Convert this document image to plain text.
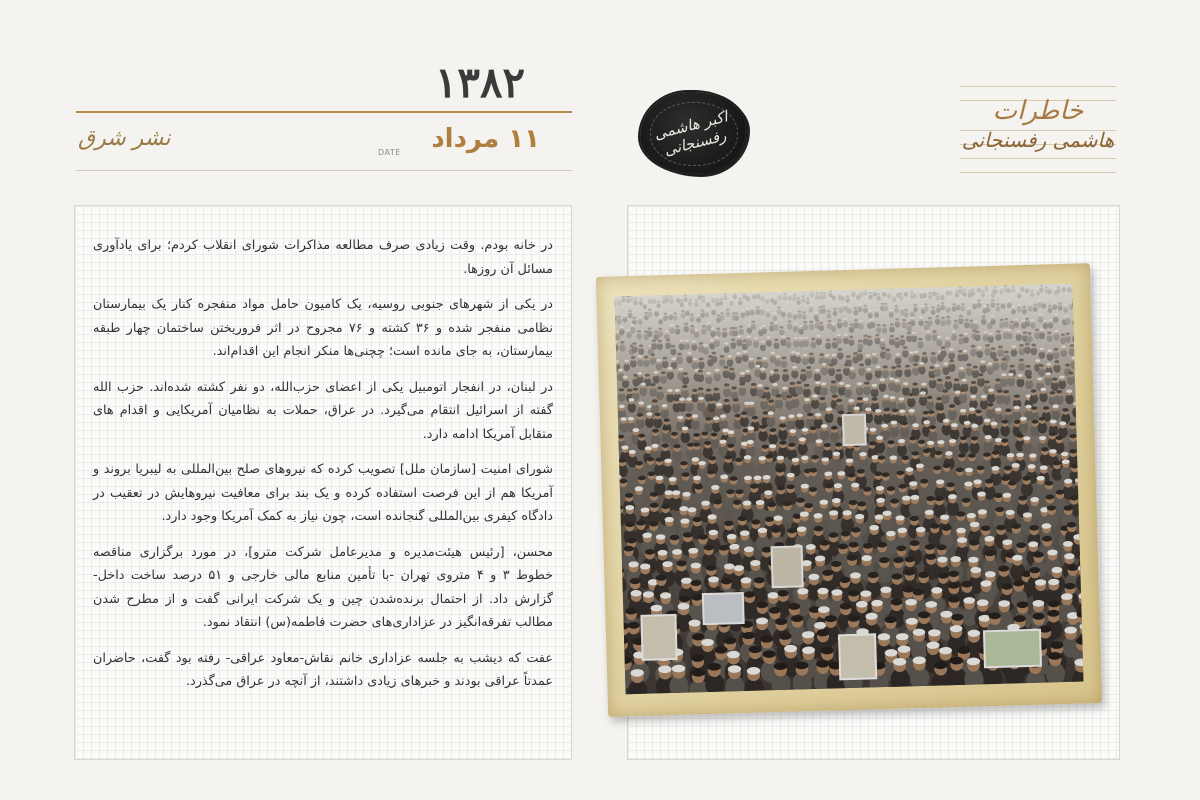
۱۳۸۲
۱۱ مرداد
DATE
نشر شرق	اکبر هاشمی رفسنجانی
خاطرات
هاشمی رفسنجانی

در خانه بودم. وقت زیادی صرف مطالعه مذاکرات شورای انقلاب کردم؛ برای یادآوری مسائل آن روزها.

در یکی از شهرهای جنوبی روسیه، یک کامیون حامل مواد منفجره کنار یک بیمارستان نظامی منفجر شده و ۳۶ کشته و ۷۶ مجروح در اثر فروریختن ساختمان چهار طبقه بیمارستان، به جای مانده است؛ چچنی‌ها منکر انجام این اقدام‌اند.

در لبنان، در انفجار اتومبیل یکی از اعضای حزب‌الله، دو نفر کشته شده‌اند. حزب الله گفته از اسرائیل انتقام می‌گیرد. در عراق، حملات به نظامیان آمریکایی و اقدام های متقابل آمریکا ادامه دارد.

شورای امنیت [سازمان ملل] تصویب کرده که نیروهای صلح بین‌المللی به لیبریا بروند و آمریکا هم از این فرصت استفاده کرده و یک بند برای معافیت نیروهایش در تعقیب در دادگاه کیفری بین‌المللی گنجانده است، چون نیاز به کمک آمریکا وجود دارد.

محسن، [رئیس هیئت‌مدیره و مدیرعامل شرکت مترو]، در مورد برگزاری مناقصه خطوط ۳ و ۴ متروی تهران -با تأمین منابع مالی خارجی و ۵۱ درصد ساخت داخل- گزارش داد. از احتمال برنده‌شدن چین و یک شرکت ایرانی گفت و از مطرح شدن مطالب تفرقه‌انگیز در عزاداری‌های حضرت فاطمه(س) انتقاد نمود.

عفت که دیشب به جلسه عزاداری خانم نقاش-معاود عراقی- رفته بود گفت، حاضران عمدتاً عراقی بودند و خبرهای زیادی داشتند، از آنچه در عراق می‌گذرد.
